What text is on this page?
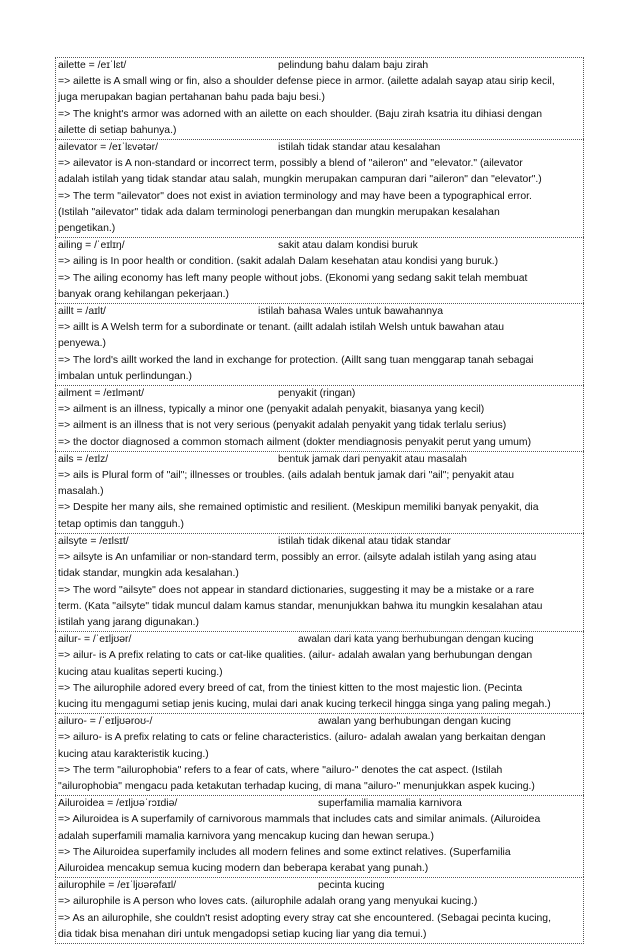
ailette = /eɪˈlɛt/	pelindung bahu dalam baju zirah
=> ailette is A small wing or fin, also a shoulder defense piece in armor. (ailette adalah sayap atau sirip kecil,
juga merupakan bagian pertahanan bahu pada baju besi.)
=> The knight's armor was adorned with an ailette on each shoulder. (Baju zirah ksatria itu dihiasi dengan
ailette di setiap bahunya.)
ailevator = /eɪˈlɛvətər/	istilah tidak standar atau kesalahan
=> ailevator is A non-standard or incorrect term, possibly a blend of "aileron" and "elevator." (ailevator
adalah istilah yang tidak standar atau salah, mungkin merupakan campuran dari "aileron" dan "elevator".)
=> The term "ailevator" does not exist in aviation terminology and may have been a typographical error.
(Istilah "ailevator" tidak ada dalam terminologi penerbangan dan mungkin merupakan kesalahan
pengetikan.)
ailing = /ˈeɪlɪŋ/	sakit atau dalam kondisi buruk
=> ailing is In poor health or condition. (sakit adalah Dalam kesehatan atau kondisi yang buruk.)
=> The ailing economy has left many people without jobs. (Ekonomi yang sedang sakit telah membuat
banyak orang kehilangan pekerjaan.)
aillt = /aɪlt/	istilah bahasa Wales untuk bawahannya
=> aillt is A Welsh term for a subordinate or tenant. (aillt adalah istilah Welsh untuk bawahan atau
penyewa.)
=> The lord's aillt worked the land in exchange for protection. (Aillt sang tuan menggarap tanah sebagai
imbalan untuk perlindungan.)
ailment = /eɪlmənt/	penyakit (ringan)
=> ailment is an illness, typically a minor one (penyakit adalah penyakit, biasanya yang kecil)
=> ailment is an illness that is not very serious (penyakit adalah penyakit yang tidak terlalu serius)
=> the doctor diagnosed a common stomach ailment (dokter mendiagnosis penyakit perut yang umum)
ails = /eɪlz/	bentuk jamak dari penyakit atau masalah
=> ails is Plural form of "ail"; illnesses or troubles. (ails adalah bentuk jamak dari "ail"; penyakit atau
masalah.)
=> Despite her many ails, she remained optimistic and resilient. (Meskipun memiliki banyak penyakit, dia
tetap optimis dan tangguh.)
ailsyte = /eɪlsɪt/	istilah tidak dikenal atau tidak standar
=> ailsyte is An unfamiliar or non-standard term, possibly an error. (ailsyte adalah istilah yang asing atau
tidak standar, mungkin ada kesalahan.)
=> The word "ailsyte" does not appear in standard dictionaries, suggesting it may be a mistake or a rare
term. (Kata "ailsyte" tidak muncul dalam kamus standar, menunjukkan bahwa itu mungkin kesalahan atau
istilah yang jarang digunakan.)
ailur- = /ˈeɪljʊər/	awalan dari kata yang berhubungan dengan kucing
=> ailur- is A prefix relating to cats or cat-like qualities. (ailur- adalah awalan yang berhubungan dengan
kucing atau kualitas seperti kucing.)
=> The ailurophile adored every breed of cat, from the tiniest kitten to the most majestic lion. (Pecinta
kucing itu mengagumi setiap jenis kucing, mulai dari anak kucing terkecil hingga singa yang paling megah.)
ailuro- = /ˈeɪljʊəroʊ-/	awalan yang berhubungan dengan kucing
=> ailuro- is A prefix relating to cats or feline characteristics. (ailuro- adalah awalan yang berkaitan dengan
kucing atau karakteristik kucing.)
=> The term "ailurophobia" refers to a fear of cats, where "ailuro-" denotes the cat aspect. (Istilah
"ailurophobia" mengacu pada ketakutan terhadap kucing, di mana "ailuro-" menunjukkan aspek kucing.)
Ailuroidea = /eɪljʊəˈrɔɪdiə/	superfamilia mamalia karnivora
=> Ailuroidea is A superfamily of carnivorous mammals that includes cats and similar animals. (Ailuroidea
adalah superfamili mamalia karnivora yang mencakup kucing dan hewan serupa.)
=> The Ailuroidea superfamily includes all modern felines and some extinct relatives. (Superfamilia
Ailuroidea mencakup semua kucing modern dan beberapa kerabat yang punah.)
ailurophile = /eɪˈljʊərəfaɪl/	pecinta kucing
=> ailurophile is A person who loves cats. (ailurophile adalah orang yang menyukai kucing.)
=> As an ailurophile, she couldn't resist adopting every stray cat she encountered. (Sebagai pecinta kucing,
dia tidak bisa menahan diri untuk mengadopsi setiap kucing liar yang dia temui.)
